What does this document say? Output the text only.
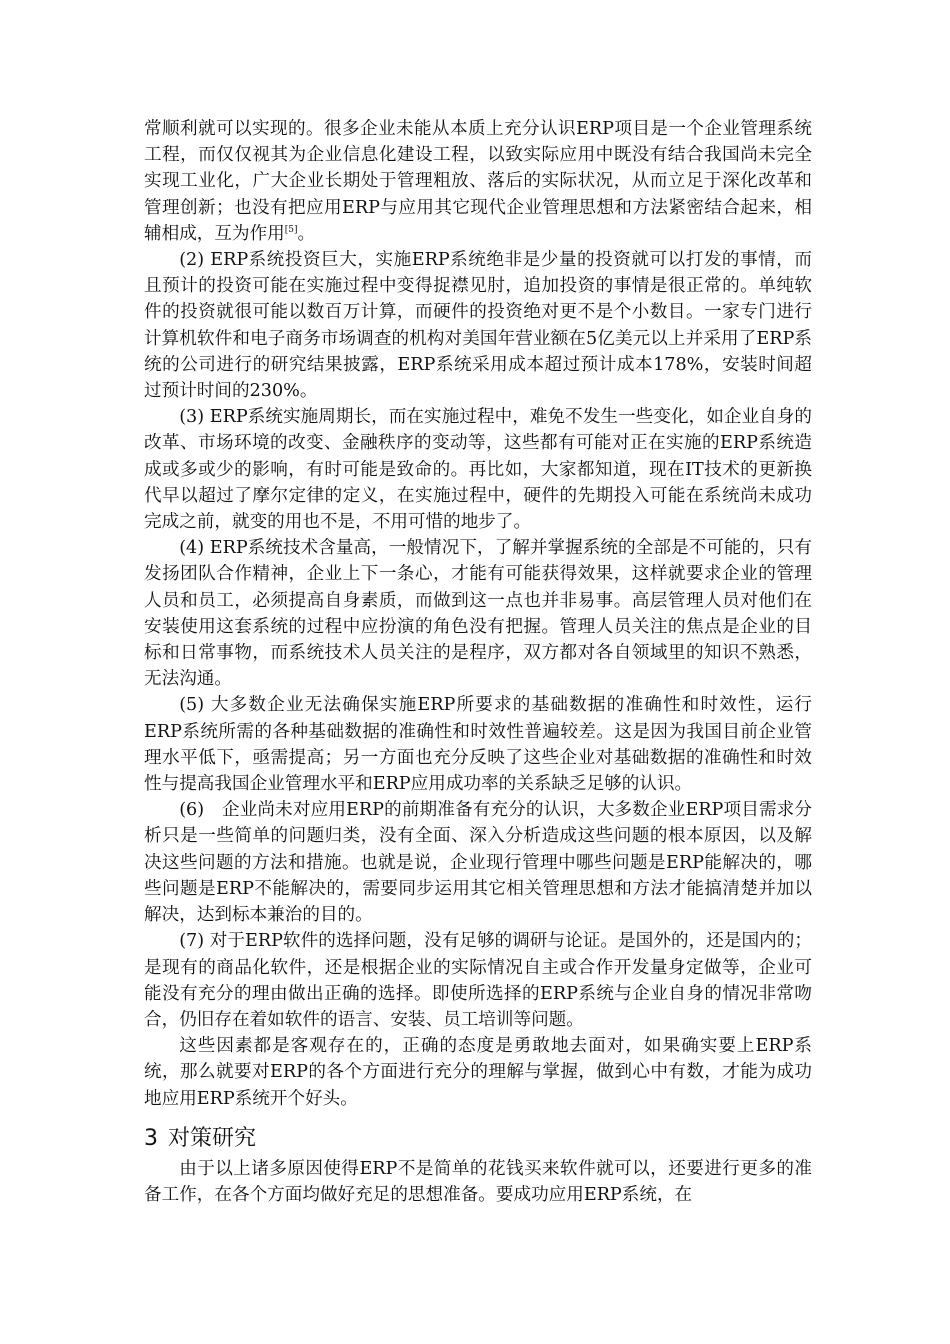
常顺利就可以实现的。很多企业未能从本质上充分认识ERP项目是一个企业管理系统工程，而仅仅视其为企业信息化建设工程，以致实际应用中既没有结合我国尚未完全实现工业化，广大企业长期处于管理粗放、落后的实际状况，从而立足于深化改革和管理创新；也没有把应用ERP与应用其它现代企业管理思想和方法紧密结合起来，相辅相成，互为作用[5]。

(2) ERP系统投资巨大，实施ERP系统绝非是少量的投资就可以打发的事情，而且预计的投资可能在实施过程中变得捉襟见肘，追加投资的事情是很正常的。单纯软件的投资就很可能以数百万计算，而硬件的投资绝对更不是个小数目。一家专门进行计算机软件和电子商务市场调查的机构对美国年营业额在5亿美元以上并采用了ERP系统的公司进行的研究结果披露，ERP系统采用成本超过预计成本178%，安装时间超过预计时间的230%。

(3) ERP系统实施周期长，而在实施过程中，难免不发生一些变化，如企业自身的改革、市场环境的改变、金融秩序的变动等，这些都有可能对正在实施的ERP系统造成或多或少的影响，有时可能是致命的。再比如，大家都知道，现在IT技术的更新换代早以超过了摩尔定律的定义，在实施过程中，硬件的先期投入可能在系统尚未成功完成之前，就变的用也不是，不用可惜的地步了。

(4) ERP系统技术含量高，一般情况下，了解并掌握系统的全部是不可能的，只有发扬团队合作精神，企业上下一条心，才能有可能获得效果，这样就要求企业的管理人员和员工，必须提高自身素质，而做到这一点也并非易事。高层管理人员对他们在安装使用这套系统的过程中应扮演的角色没有把握。管理人员关注的焦点是企业的目标和日常事物，而系统技术人员关注的是程序，双方都对各自领域里的知识不熟悉，无法沟通。

(5) 大多数企业无法确保实施ERP所要求的基础数据的准确性和时效性，运行ERP系统所需的各种基础数据的准确性和时效性普遍较差。这是因为我国目前企业管理水平低下，亟需提高；另一方面也充分反映了这些企业对基础数据的准确性和时效性与提高我国企业管理水平和ERP应用成功率的关系缺乏足够的认识。

(6)　企业尚未对应用ERP的前期准备有充分的认识，大多数企业ERP项目需求分析只是一些简单的问题归类，没有全面、深入分析造成这些问题的根本原因，以及解决这些问题的方法和措施。也就是说，企业现行管理中哪些问题是ERP能解决的，哪些问题是ERP不能解决的，需要同步运用其它相关管理思想和方法才能搞清楚并加以解决，达到标本兼治的目的。

(7) 对于ERP软件的选择问题，没有足够的调研与论证。是国外的，还是国内的；是现有的商品化软件，还是根据企业的实际情况自主或合作开发量身定做等，企业可能没有充分的理由做出正确的选择。即使所选择的ERP系统与企业自身的情况非常吻合，仍旧存在着如软件的语言、安装、员工培训等问题。

这些因素都是客观存在的，正确的态度是勇敢地去面对，如果确实要上ERP系统，那么就要对ERP的各个方面进行充分的理解与掌握，做到心中有数，才能为成功地应用ERP系统开个好头。

3 对策研究

由于以上诸多原因使得ERP不是简单的花钱买来软件就可以，还要进行更多的准备工作，在各个方面均做好充足的思想准备。要成功应用ERP系统，在
